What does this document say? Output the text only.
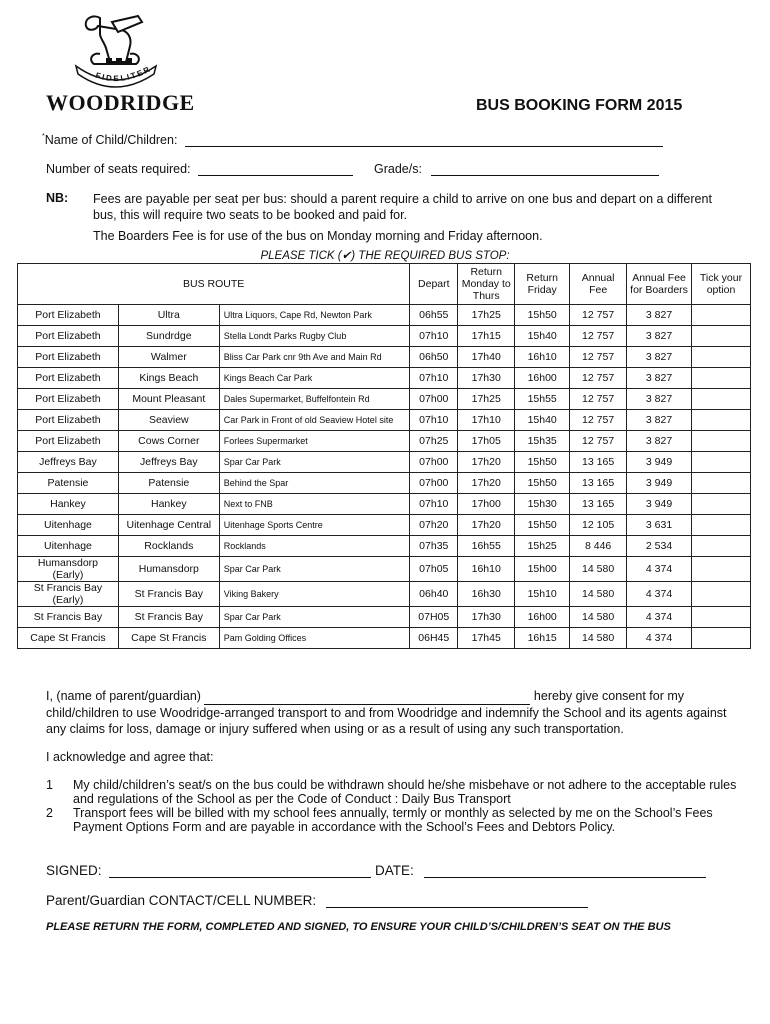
FIDELITER
WOODRIDGE	BUS BOOKING FORM 2015
*Name of Child/Children:
Number of seats required:	Grade/s:
NB: Fees are payable per seat per bus: should a parent require a child to arrive on one bus and depart on a different bus, this will require two seats to be booked and paid for.
The Boarders Fee is for use of the bus on Monday morning and Friday afternoon.
PLEASE TICK (✔) THE REQUIRED BUS STOP:
BUS ROUTE			Depart	Return Monday to Thurs	Return Friday	Annual Fee	Annual Fee for Boarders	Tick your option
Port Elizabeth	Ultra	Ultra Liquors, Cape Rd, Newton Park	06h55	17h25	15h50	12 757	3 827	
Port Elizabeth	Sundrdge	Stella Londt Parks Rugby Club	07h10	17h15	15h40	12 757	3 827	
Port Elizabeth	Walmer	Bliss Car Park cnr 9th Ave and Main Rd	06h50	17h40	16h10	12 757	3 827	
Port Elizabeth	Kings Beach	Kings Beach Car Park	07h10	17h30	16h00	12 757	3 827	
Port Elizabeth	Mount Pleasant	Dales Supermarket, Buffelfontein Rd	07h00	17h25	15h55	12 757	3 827	
Port Elizabeth	Seaview	Car Park in Front of old Seaview Hotel site	07h10	17h10	15h40	12 757	3 827	
Port Elizabeth	Cows Corner	Forlees Supermarket	07h25	17h05	15h35	12 757	3 827	
Jeffreys Bay	Jeffreys Bay	Spar Car Park	07h00	17h20	15h50	13 165	3 949	
Patensie	Patensie	Behind the Spar	07h00	17h20	15h50	13 165	3 949	
Hankey	Hankey	Next to FNB	07h10	17h00	15h30	13 165	3 949	
Uitenhage	Uitenhage Central	Uitenhage Sports Centre	07h20	17h20	15h50	12 105	3 631	
Uitenhage	Rocklands	Rocklands	07h35	16h55	15h25	8 446	2 534	
Humansdorp (Early)	Humansdorp	Spar Car Park	07h05	16h10	15h00	14 580	4 374	
St Francis Bay (Early)	St Francis Bay	Viking Bakery	06h40	16h30	15h10	14 580	4 374	
St Francis Bay	St Francis Bay	Spar Car Park	07H05	17h30	16h00	14 580	4 374	
Cape St Francis	Cape St Francis	Pam Golding Offices	06H45	17h45	16h15	14 580	4 374	
I, (name of parent/guardian)	hereby give consent for my child/children to use Woodridge-arranged transport to and from Woodridge and indemnify the School and its agents against any claims for loss, damage or injury suffered when using or as a result of using any such transportation.
I acknowledge and agree that:
1 My child/children’s seat/s on the bus could be withdrawn should he/she misbehave or not adhere to the acceptable rules and regulations of the School as per the Code of Conduct : Daily Bus Transport
2 Transport fees will be billed with my school fees annually, termly or monthly as selected by me on the School’s Fees Payment Options Form and are payable in accordance with the School’s Fees and Debtors Policy.
SIGNED:	DATE:
Parent/Guardian CONTACT/CELL NUMBER:
PLEASE RETURN THE FORM, COMPLETED AND SIGNED, TO ENSURE YOUR CHILD’S/CHILDREN’S SEAT ON THE BUS
